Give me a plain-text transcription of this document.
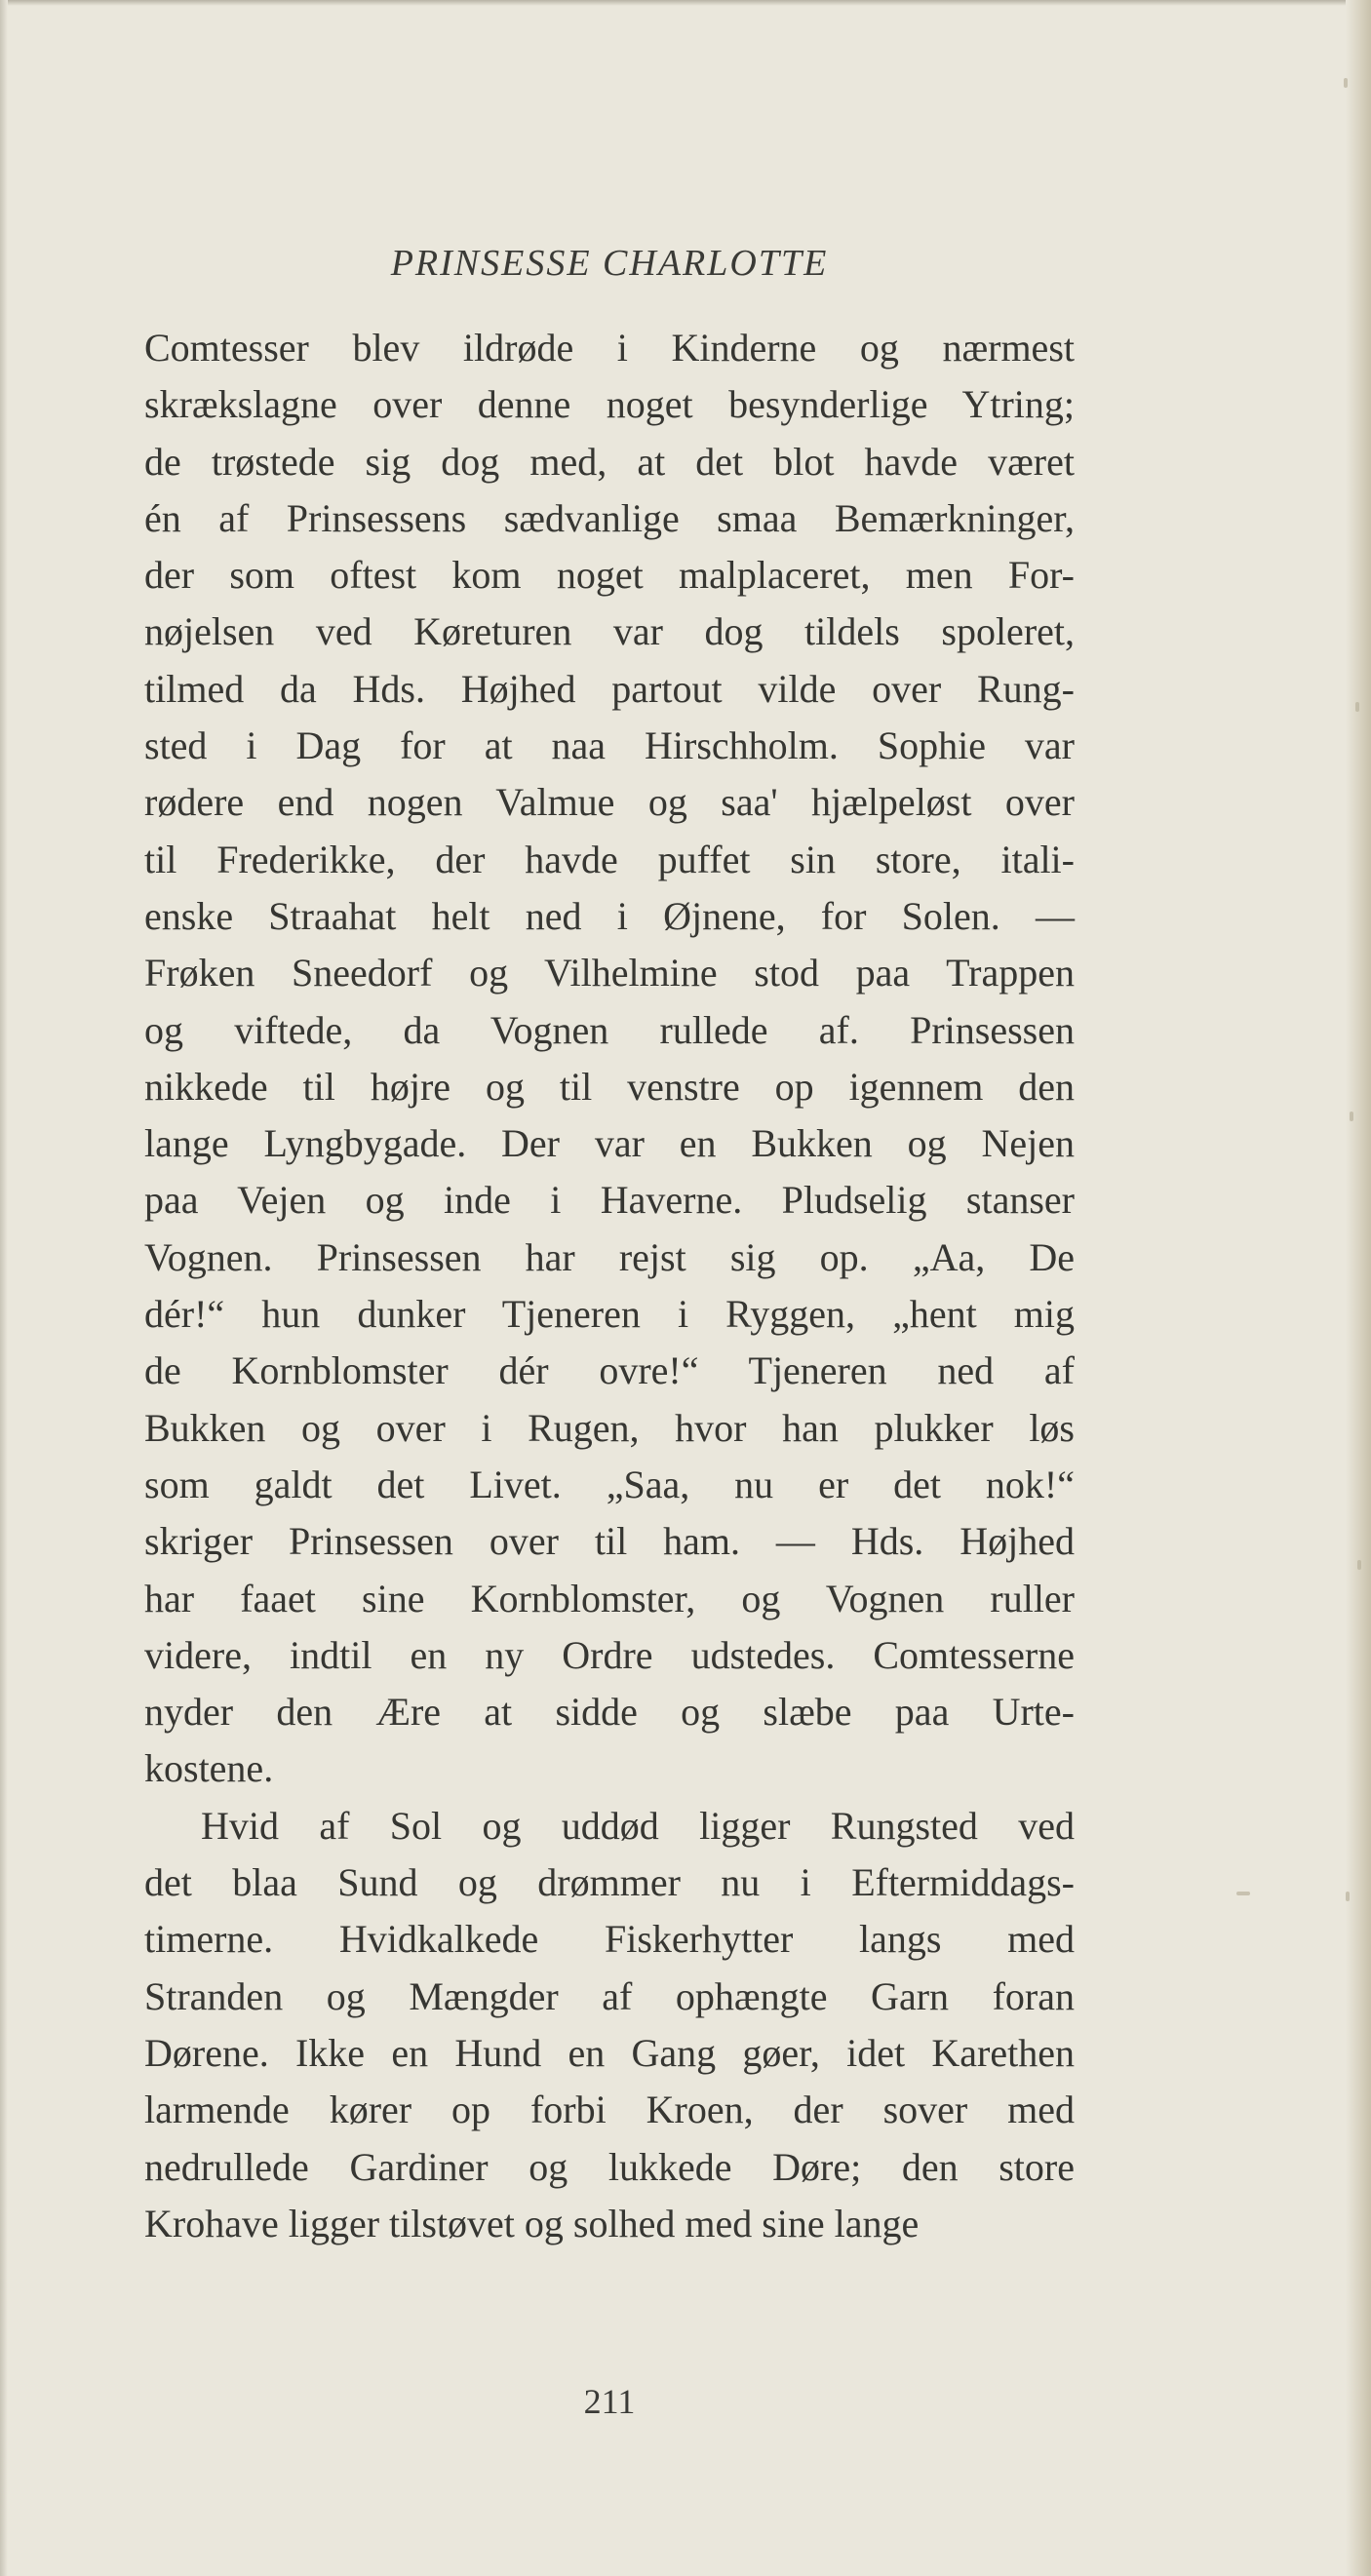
PRINSESSE CHARLOTTE
Comtesser blev ildrøde i Kinderne og nærmest
skrækslagne over denne noget besynderlige Ytring;
de trøstede sig dog med, at det blot havde været
én af Prinsessens sædvanlige smaa Bemærkninger,
der som oftest kom noget malplaceret, men For-
nøjelsen ved Køreturen var dog tildels spoleret,
tilmed da Hds. Højhed partout vilde over Rung-
sted i Dag for at naa Hirschholm. Sophie var
rødere end nogen Valmue og saa' hjælpeløst over
til Frederikke, der havde puffet sin store, itali-
enske Straahat helt ned i Øjnene, for Solen. —
Frøken Sneedorf og Vilhelmine stod paa Trappen
og viftede, da Vognen rullede af. Prinsessen
nikkede til højre og til venstre op igennem den
lange Lyngbygade. Der var en Bukken og Nejen
paa Vejen og inde i Haverne. Pludselig stanser
Vognen. Prinsessen har rejst sig op. „Aa, De
dér!“ hun dunker Tjeneren i Ryggen, „hent mig
de Kornblomster dér ovre!“ Tjeneren ned af
Bukken og over i Rugen, hvor han plukker løs
som galdt det Livet. „Saa, nu er det nok!“
skriger Prinsessen over til ham. — Hds. Højhed
har faaet sine Kornblomster, og Vognen ruller
videre, indtil en ny Ordre udstedes. Comtesserne
nyder den Ære at sidde og slæbe paa Urte-
kostene.
Hvid af Sol og uddød ligger Rungsted ved
det blaa Sund og drømmer nu i Eftermiddags-
timerne. Hvidkalkede Fiskerhytter langs med
Stranden og Mængder af ophængte Garn foran
Dørene. Ikke en Hund en Gang gøer, idet Karethen
larmende kører op forbi Kroen, der sover med
nedrullede Gardiner og lukkede Døre; den store
Krohave ligger tilstøvet og solhed med sine lange
211
